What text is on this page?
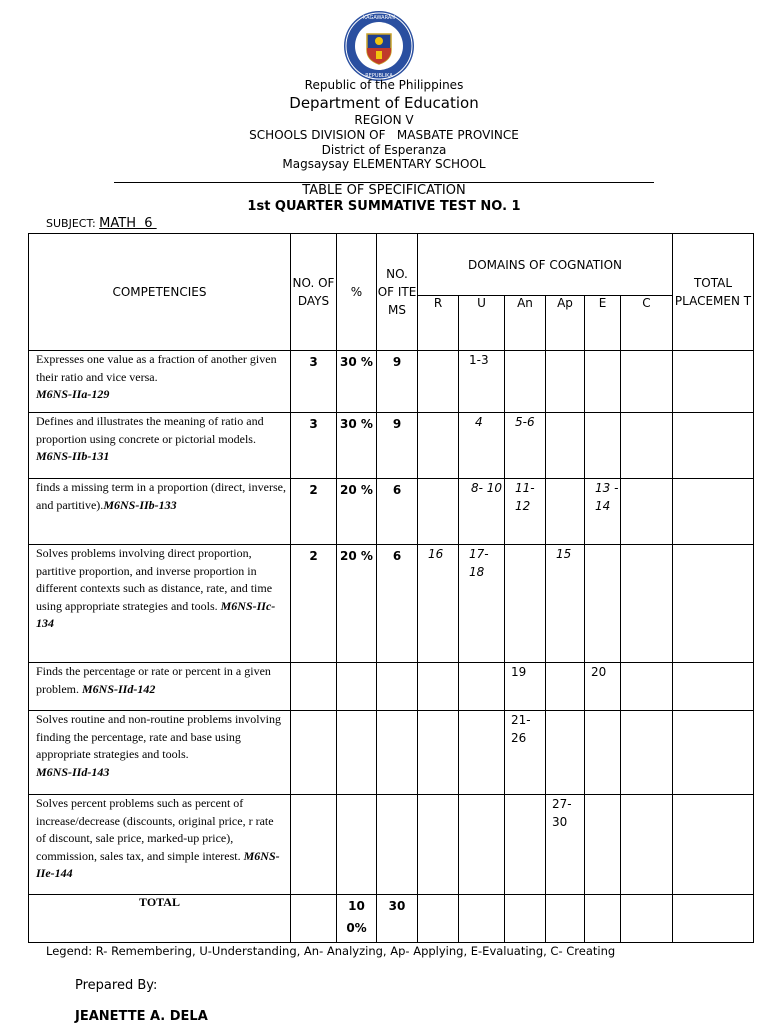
KAGAWARAN
REPUBLIKA
Republic of the Philippines
Department of Education
REGION V
SCHOOLS DIVISION OF   MASBATE PROVINCE
District of Esperanza
Magsaysay ELEMENTARY SCHOOL
TABLE OF SPECIFICATION
1st QUARTER SUMMATIVE TEST NO. 1
SUBJECT: MATH  6
COMPETENCIES	NO. OF DAYS	%	NO. OF ITE MS	DOMAINS OF COGNATION						TOTAL PLACEMEN T
				R	U	An	Ap	E	C	
Expresses one value as a fraction of another given their ratio and vice versa.
M6NS-IIa-129	3	30 %	9		1-3					
Defines and illustrates the meaning of ratio and proportion using concrete or pictorial models. M6NS-IIb-131	3	30 %	9		4	5-6				
finds a missing term in a proportion (direct, inverse, and partitive).M6NS-IIb-133	2	20 %	6		8- 10	11- 12		13 - 14		
Solves problems involving direct proportion, partitive proportion, and inverse proportion in different contexts such as distance, rate, and time using appropriate strategies and tools. M6NS-IIc-134	2	20 %	6	16	17- 18		15			
Finds the percentage or rate or percent in a given problem. M6NS-IId-142						19		20		
Solves routine and non-routine problems involving finding the percentage, rate and base using appropriate strategies and tools.
M6NS-IId-143						21- 26				
Solves percent problems such as percent of increase/decrease (discounts, original price, r rate of discount, sale price, marked-up price), commission, sales tax, and simple interest. M6NS-IIe-144							27- 30			
TOTAL		10 0%	30							
Legend: R- Remembering, U-Understanding, An- Analyzing, Ap- Applying, E-Evaluating, C- Creating
Prepared By:
JEANETTE A. DELA
